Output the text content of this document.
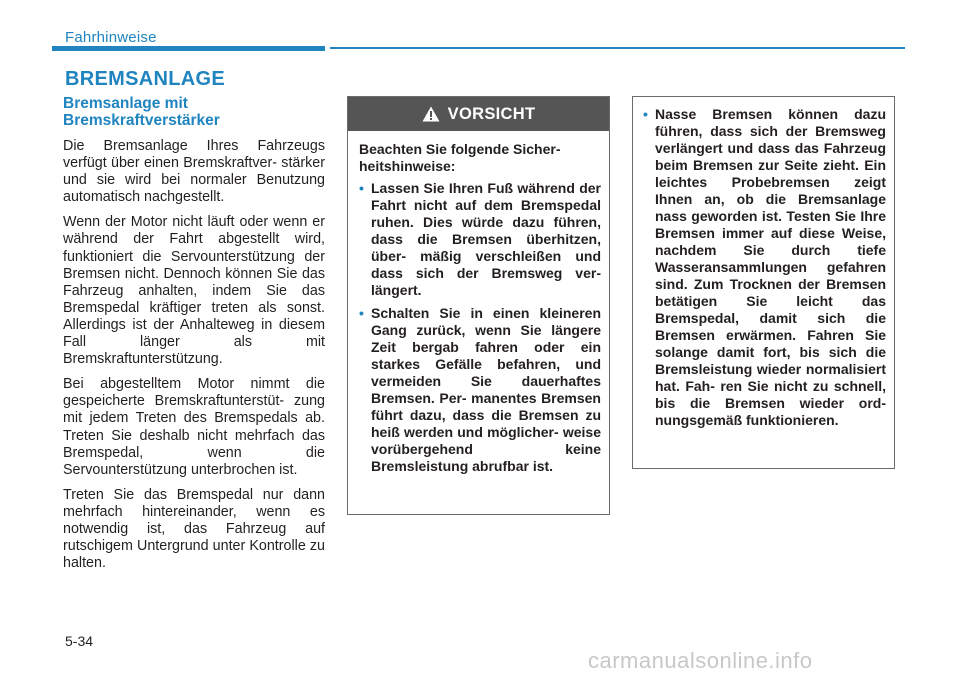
Fahrhinweise
BREMSANLAGE
Bremsanlage mit Bremskraftverstärker

Die Bremsanlage Ihres Fahrzeugs verfügt über einen Bremskraftver- stärker und sie wird bei normaler Benutzung automatisch nachgestellt.

Wenn der Motor nicht läuft oder wenn er während der Fahrt abgestellt wird, funktioniert die Servounterstützung der Bremsen nicht. Dennoch können Sie das Fahrzeug anhalten, indem Sie das Bremspedal kräftiger treten als sonst. Allerdings ist der Anhalteweg in diesem Fall länger als mit Bremskraftunterstützung.

Bei abgestelltem Motor nimmt die gespeicherte Bremskraftunterstüt- zung mit jedem Treten des Bremspedals ab. Treten Sie deshalb nicht mehrfach das Bremspedal, wenn die Servounterstützung unterbrochen ist.

Treten Sie das Bremspedal nur dann mehrfach hintereinander, wenn es notwendig ist, das Fahrzeug auf rutschigem Untergrund unter Kontrolle zu halten.

VORSICHT

Beachten Sie folgende Sicher- heitshinweise:

• Lassen Sie Ihren Fuß während der Fahrt nicht auf dem Bremspedal ruhen. Dies würde dazu führen, dass die Bremsen überhitzen, über- mäßig verschleißen und dass sich der Bremsweg ver- längert.
• Schalten Sie in einen kleineren Gang zurück, wenn Sie längere Zeit bergab fahren oder ein starkes Gefälle befahren, und vermeiden Sie dauerhaftes Bremsen. Per- manentes Bremsen führt dazu, dass die Bremsen zu heiß werden und möglicher- weise vorübergehend keine Bremsleistung abrufbar ist.
• Nasse Bremsen können dazu führen, dass sich der Bremsweg verlängert und dass das Fahrzeug beim Bremsen zur Seite zieht. Ein leichtes Probebremsen zeigt Ihnen an, ob die Bremsanlage nass geworden ist. Testen Sie Ihre Bremsen immer auf diese Weise, nachdem Sie durch tiefe Wasseransammlungen gefahren sind. Zum Trocknen der Bremsen betätigen Sie leicht das Bremspedal, damit sich die Bremsen erwärmen. Fahren Sie solange damit fort, bis sich die Bremsleistung wieder normalisiert hat. Fah- ren Sie nicht zu schnell, bis die Bremsen wieder ord- nungsgemäß funktionieren.
5-34
carmanualsonline.info
